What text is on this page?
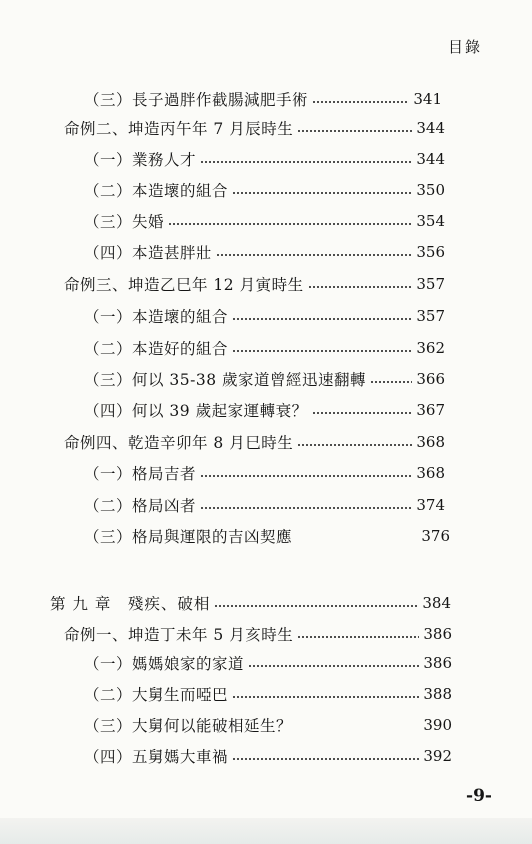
目錄
（三）長子過胖作截腸減肥手術	341
命例二、坤造丙午年 7 月辰時生	344
（一）業務人才	344
（二）本造壞的組合	350
（三）失婚	354
（四）本造甚胖壯	356
命例三、坤造乙巳年 12 月寅時生	357
（一）本造壞的組合	357
（二）本造好的組合	362
（三）何以 35-38 歲家道曾經迅速翻轉	366
（四）何以 39 歲起家運轉衰？	367
命例四、乾造辛卯年 8 月巳時生	368
（一）格局吉者	368
（二）格局凶者	374
（三）格局與運限的吉凶契應	376
第 九 章　殘疾、破相	384
命例一、坤造丁未年 5 月亥時生	386
（一）媽媽娘家的家道	386
（二）大舅生而啞巴	388
（三）大舅何以能破相延生？	390
（四）五舅媽大車禍	392
-9-
